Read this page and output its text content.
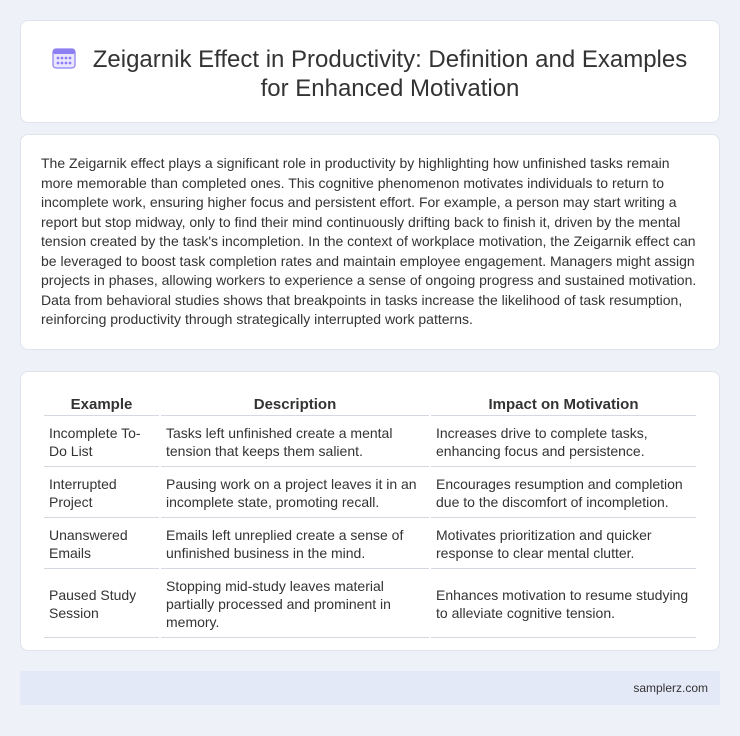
Zeigarnik Effect in Productivity: Definition and Examples for Enhanced Motivation

The Zeigarnik effect plays a significant role in productivity by highlighting how unfinished tasks remain more memorable than completed ones. This cognitive phenomenon motivates individuals to return to incomplete work, ensuring higher focus and persistent effort. For example, a person may start writing a report but stop midway, only to find their mind continuously drifting back to finish it, driven by the mental tension created by the task's incompletion. In the context of workplace motivation, the Zeigarnik effect can be leveraged to boost task completion rates and maintain employee engagement. Managers might assign projects in phases, allowing workers to experience a sense of ongoing progress and sustained motivation. Data from behavioral studies shows that breakpoints in tasks increase the likelihood of task resumption, reinforcing productivity through strategically interrupted work patterns.

Example	Description	Impact on Motivation
Incomplete To-Do List	Tasks left unfinished create a mental tension that keeps them salient.	Increases drive to complete tasks, enhancing focus and persistence.
Interrupted Project	Pausing work on a project leaves it in an incomplete state, promoting recall.	Encourages resumption and completion due to the discomfort of incompletion.
Unanswered Emails	Emails left unreplied create a sense of unfinished business in the mind.	Motivates prioritization and quicker response to clear mental clutter.
Paused Study Session	Stopping mid-study leaves material partially processed and prominent in memory.	Enhances motivation to resume studying to alleviate cognitive tension.
samplerz.com
